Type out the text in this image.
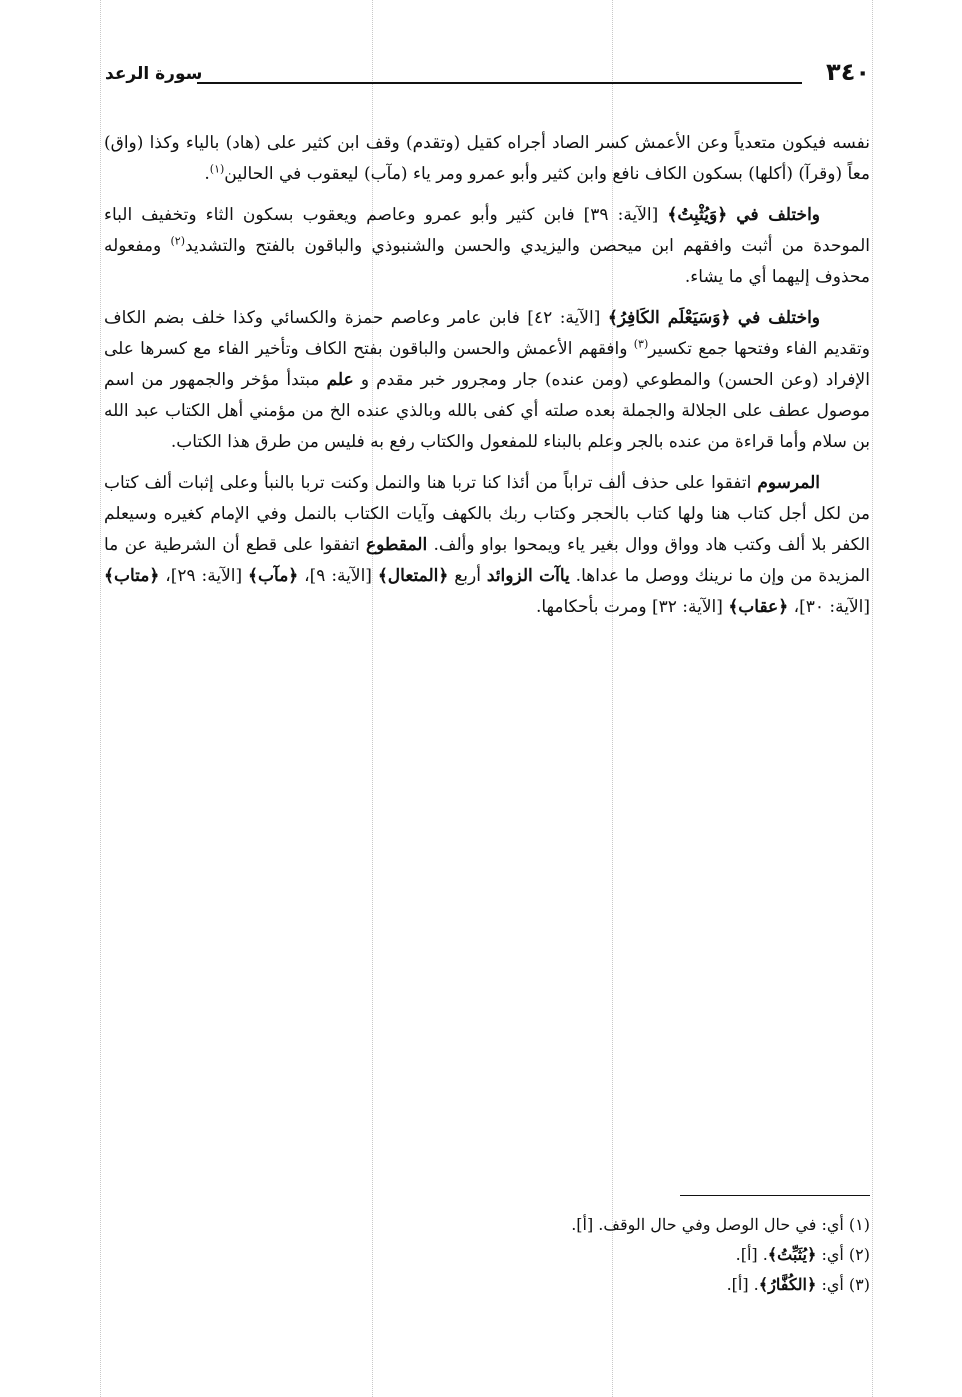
٣٤٠
سورة الرعد

نفسه فيكون متعدياً وعن الأعمش كسر الصاد أجراه كقيل (وتقدم) وقف ابن كثير على (هاد) بالياء وكذا (واق) معاً (وقرآ) (أكلها) بسكون الكاف نافع وابن كثير وأبو عمرو ومر ياء (مآب) ليعقوب في الحالين$^{(١)}$.

واختلف في ﴿وَيُثْبِتُ﴾ [الآية: ٣٩] فابن كثير وأبو عمرو وعاصم ويعقوب بسكون الثاء وتخفيف الباء الموحدة من أثبت وافقهم ابن ميحصن واليزيدي والحسن والشنبوذي والباقون بالفتح والتشديد$^{(٢)}$ ومفعوله محذوف إليهما أي ما يشاء.

واختلف في ﴿وَسَيَعْلَم الكَافِرُ﴾ [الآية: ٤٢] فابن عامر وعاصم حمزة والكسائي وكذا خلف بضم الكاف وتقديم الفاء وفتحها جمع تكسير$^{(٣)}$ وافقهم الأعمش والحسن والباقون بفتح الكاف وتأخير الفاء مع كسرها على الإفراد (وعن الحسن) والمطوعي (ومن عنده) جار ومجرور خبر مقدم و علم مبتدأ مؤخر والجمهور من اسم موصول عطف على الجلالة والجملة بعده صلته أي كفى بالله وبالذي عنده الخ من مؤمني أهل الكتاب عبد الله بن سلام وأما قراءة من عنده بالجر وعلم بالبناء للمفعول والكتاب رفع به فليس من طرق هذا الكتاب.

المرسوم اتفقوا على حذف ألف تراباً من أئذا كنا تربا هنا والنمل وكنت تربا بالنبأ وعلى إثبات ألف كتاب من لكل أجل كتاب هنا ولها كتاب بالحجر وكتاب ربك بالكهف وآيات الكتاب بالنمل وفي الإمام كغيره وسيعلم الكفر بلا ألف وكتب هاد وواق ووال بغير ياء ويمحوا بواو وألف. المقطوع اتفقوا على قطع أن الشرطية عن ما المزيدة من وإن ما نرينك ووصل ما عداها. ياآت الزوائد أربع ﴿المتعال﴾ [الآية: ٩]، ﴿مآب﴾ [الآية: ٢٩]، ﴿متاب﴾ [الآية: ٣٠]، ﴿عقاب﴾ [الآية: ٣٢] ومرت بأحكامها.

(١) أي: في حال الوصل وفي حال الوقف. [أ].
(٢) أي: ﴿يُثَبِّتُ﴾. [أ].
(٣) أي: ﴿الكُفَّارُ﴾. [أ].
